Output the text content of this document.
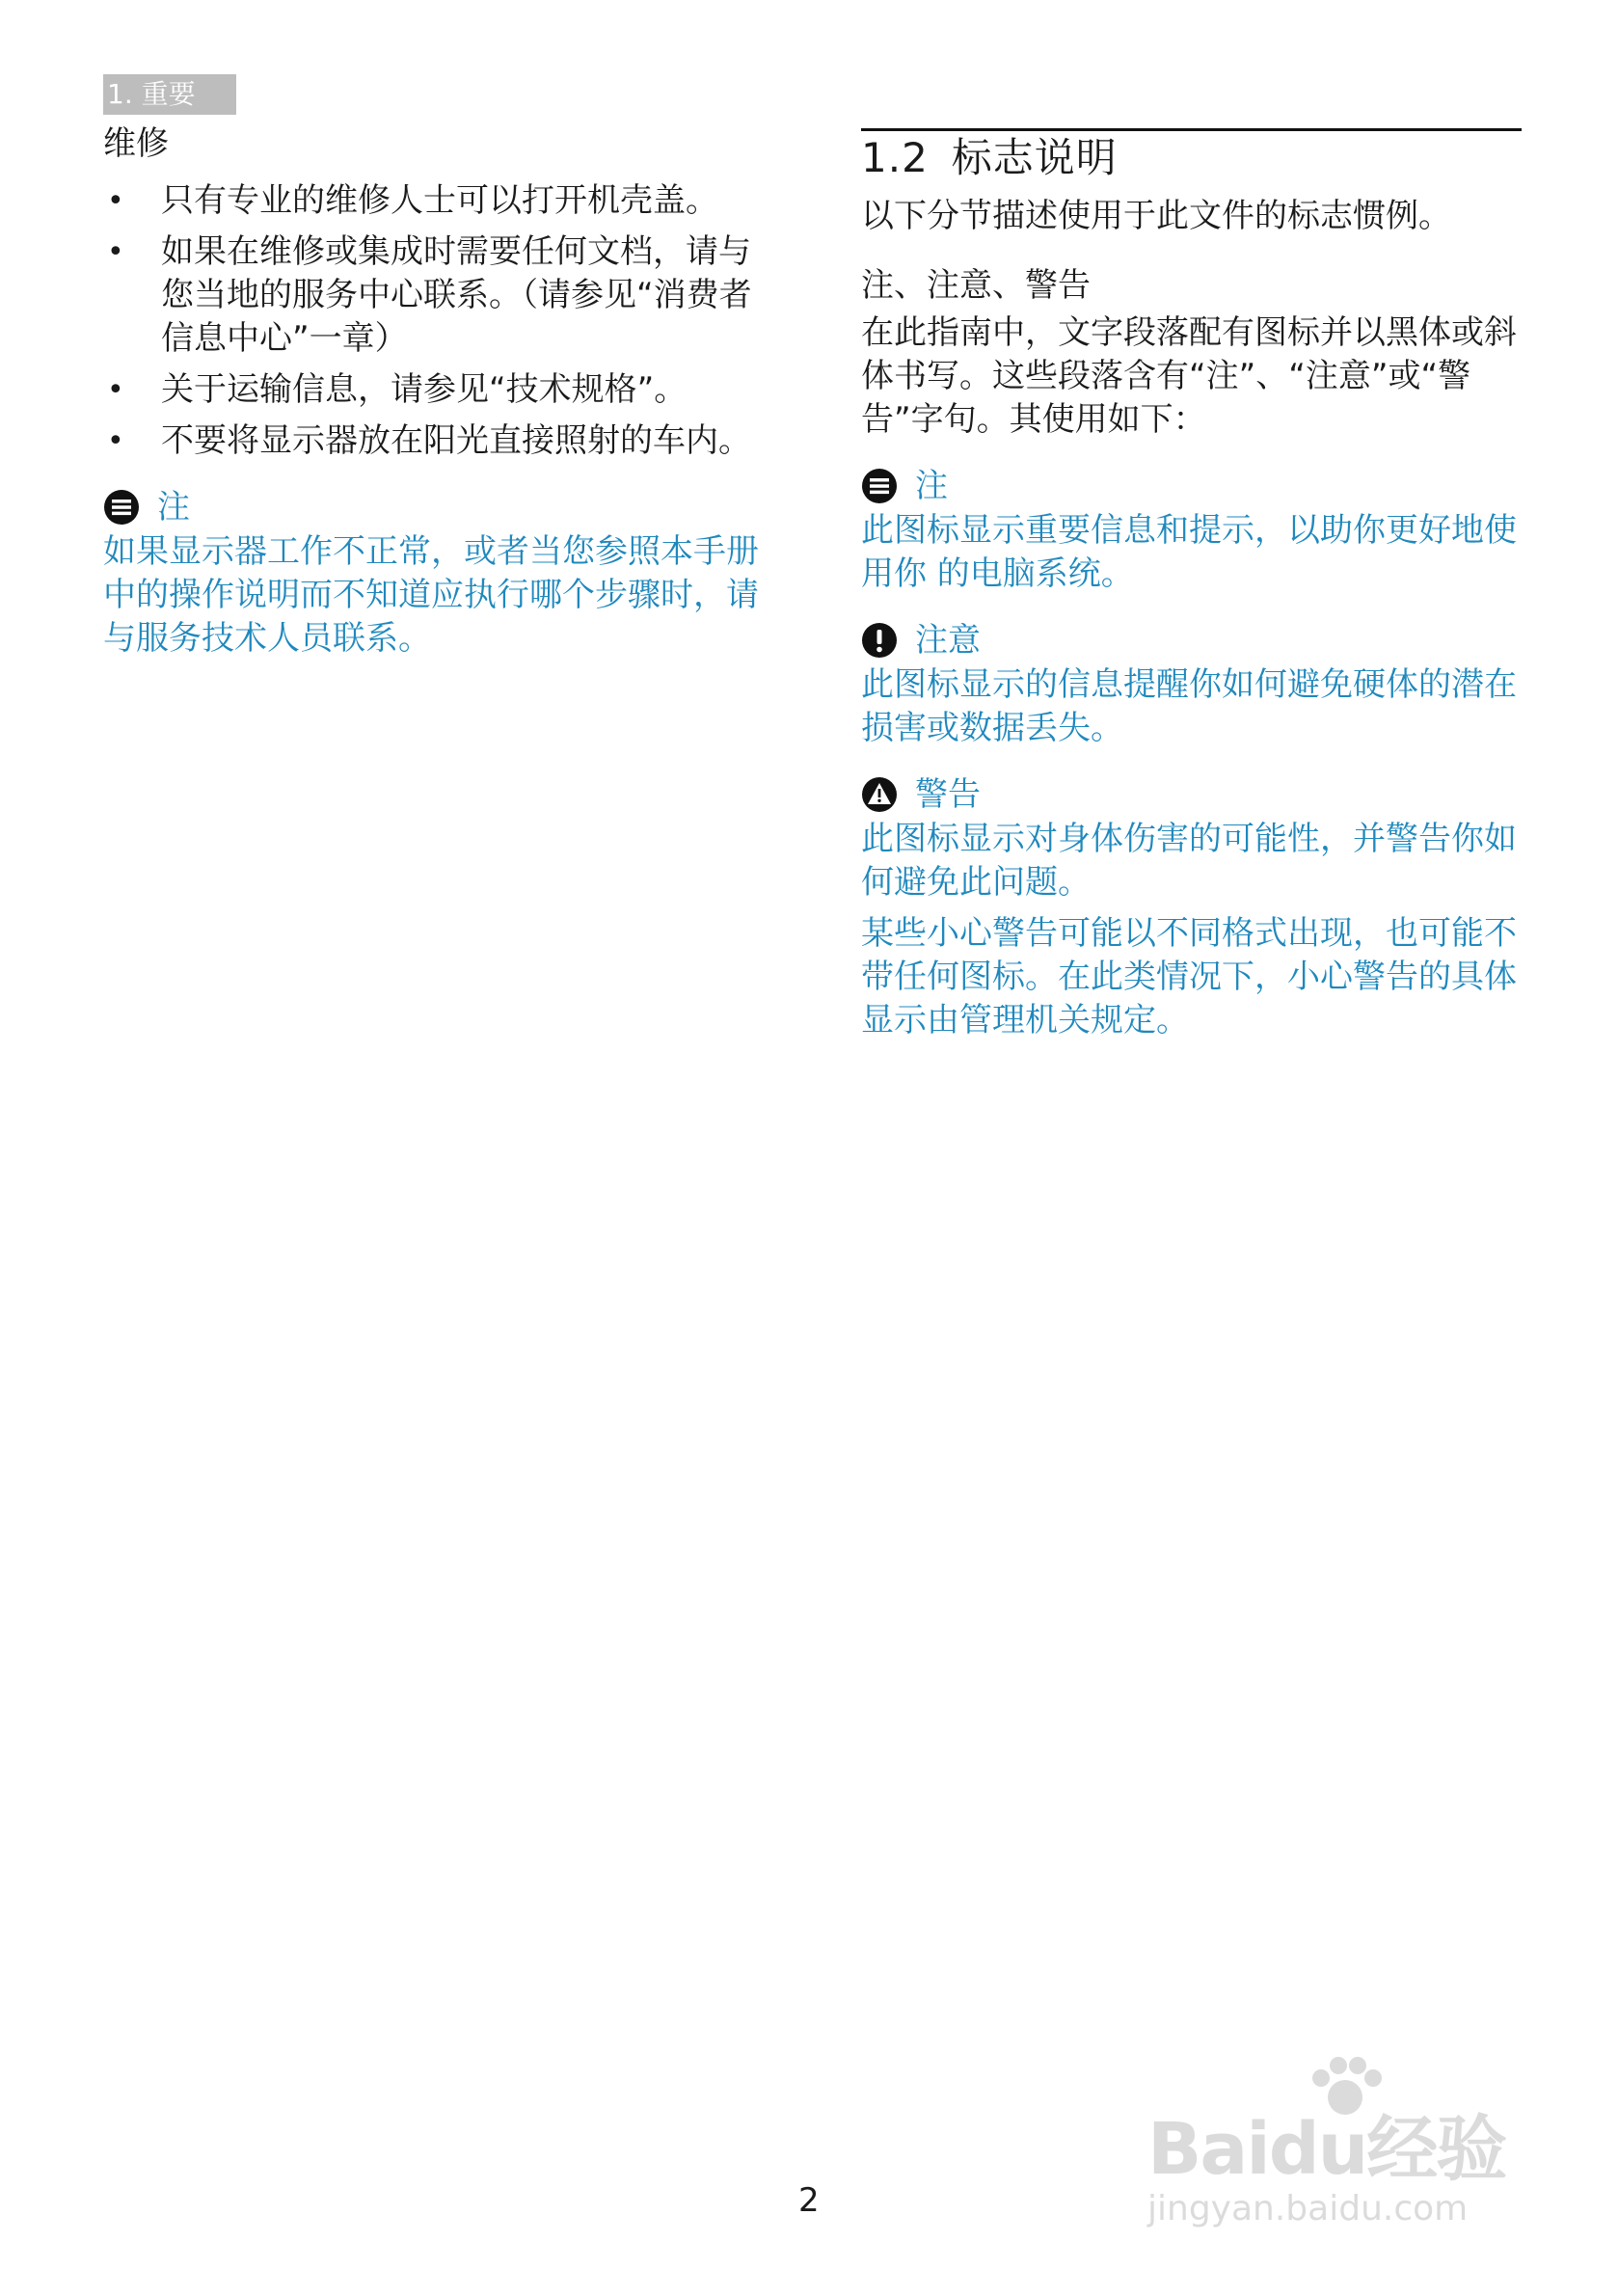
1. 重要
维修
• 只有专业的维修人士可以打开机壳盖。
• 如果在维修或集成时需要任何文档，请与您当地的服务中心联系。（请参见“消费者信息中心”一章）
• 关于运输信息，请参见“技术规格”。
• 不要将显示器放在阳光直接照射的车内。
注

如果显示器工作不正常，或者当您参照本手册中的操作说明而不知道应执行哪个步骤时，请与服务技术人员联系。

1.2 标志说明

以下分节描述使用于此文件的标志惯例。

注、注意、警告

在此指南中，文字段落配有图标并以黑体或斜体书写。这些段落含有“注”、“注意”或“警告”字句。其使用如下：

注

此图标显示重要信息和提示，以助你更好地使用你 的电脑系统。

注意

此图标显示的信息提醒你如何避免硬体的潜在损害或数据丢失。

警告

此图标显示对身体伤害的可能性，并警告你如何避免此问题。

某些小心警告可能以不同格式出现，也可能不带任何图标。在此类情况下，小心警告的具体显示由管理机关规定。

2
Baidu经验
jingyan.baidu.com
